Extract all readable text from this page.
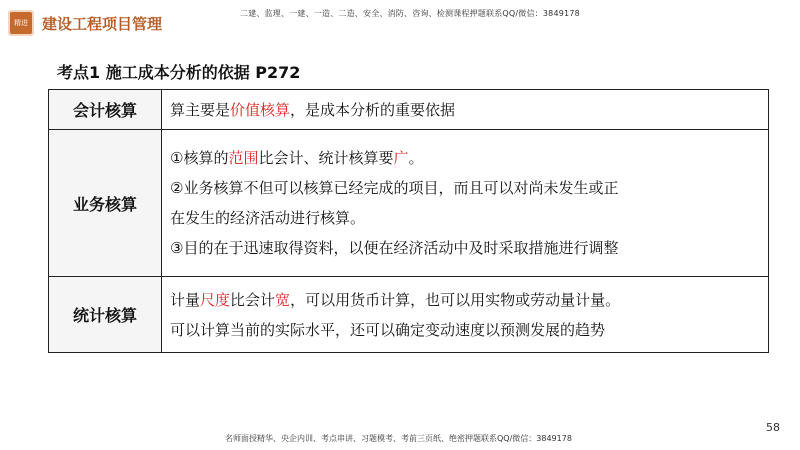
精进 建设工程项目管理
二建、监理、一建、一造、二造、安全、消防、咨询、检测课程押题联系QQ/微信：3849178
考点1 施工成本分析的依据 P272
会计核算	算主要是价值核算，是成本分析的重要依据
业务核算	①核算的范围比会计、统计核算要广。
②业务核算不但可以核算已经完成的项目，而且可以对尚未发生或正
在发生的经济活动进行核算。
③目的在于迅速取得资料，以便在经济活动中及时采取措施进行调整

统计核算	计量尺度比会计宽，可以用货币计算，也可以用实物或劳动量计量。
可以计算当前的实际水平，还可以确定变动速度以预测发展的趋势
58
名师面授精华、央企内训、考点串讲、习题模考、考前三页纸、绝密押题联系QQ/微信：3849178
